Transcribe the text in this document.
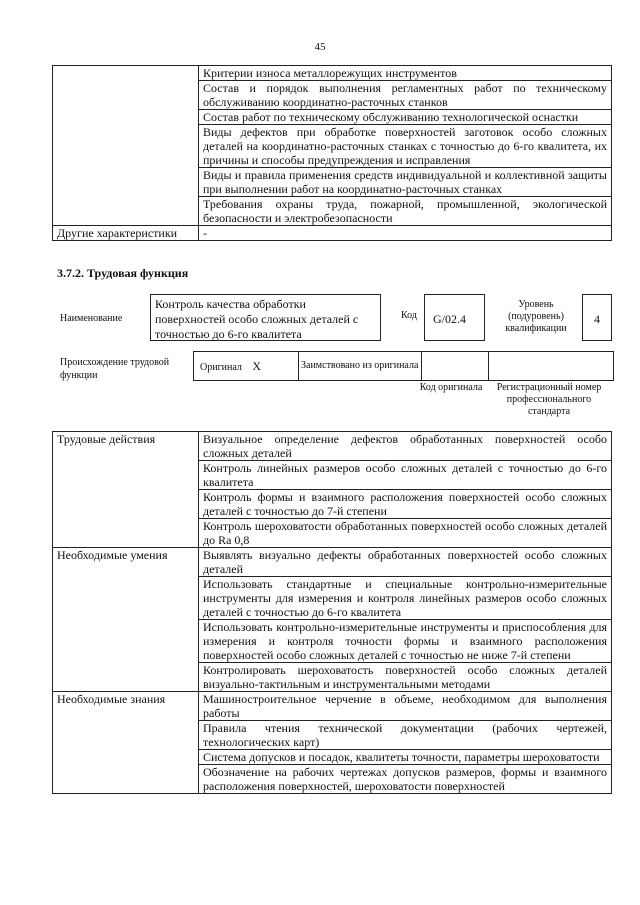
45
	Критерии износа металлорежущих инструментов
	Состав и порядок выполнения регламентных работ по техническому обслуживанию координатно-расточных станков
	Состав работ по техническому обслуживанию технологической оснастки
	Виды дефектов при обработке поверхностей заготовок особо сложных деталей на координатно-расточных станках с точностью до 6-го квалитета, их причины и способы предупреждения и исправления
	Виды и правила применения средств индивидуальной и коллективной защиты при выполнении работ на координатно-расточных станках
	Требования охраны труда, пожарной, промышленной, экологической безопасности и электробезопасности
Другие характеристики	-
3.7.2. Трудовая функция
Наименование
Контроль качества обработки поверхностей особо сложных деталей с точностью до 6-го квалитета
Код	G/02.4
Уровень (подуровень) квалификации
4
Происхождение трудовой функции
Оригинал X	Заимствовано из оригинала		
Код оригинала	Регистрационный номер профессионального стандарта
Трудовые действия	Визуальное определение дефектов обработанных поверхностей особо сложных деталей
	Контроль линейных размеров особо сложных деталей с точностью до 6-го квалитета
	Контроль формы и взаимного расположения поверхностей особо сложных деталей с точностью до 7-й степени
	Контроль шероховатости обработанных поверхностей особо сложных деталей до Ra 0,8
Необходимые умения	Выявлять визуально дефекты обработанных поверхностей особо сложных деталей
	Использовать стандартные и специальные контрольно-измерительные инструменты для измерения и контроля линейных размеров особо сложных деталей с точностью до 6-го квалитета
	Использовать контрольно-измерительные инструменты и приспособления для измерения и контроля точности формы и взаимного расположения поверхностей особо сложных деталей с точностью не ниже 7-й степени
	Контролировать шероховатость поверхностей особо сложных деталей визуально-тактильным и инструментальными методами
Необходимые знания	Машиностроительное черчение в объеме, необходимом для выполнения работы
	Правила чтения технической документации (рабочих чертежей, технологических карт)
	Система допусков и посадок, квалитеты точности, параметры шероховатости
	Обозначение на рабочих чертежах допусков размеров, формы и взаимного расположения поверхностей, шероховатости поверхностей
